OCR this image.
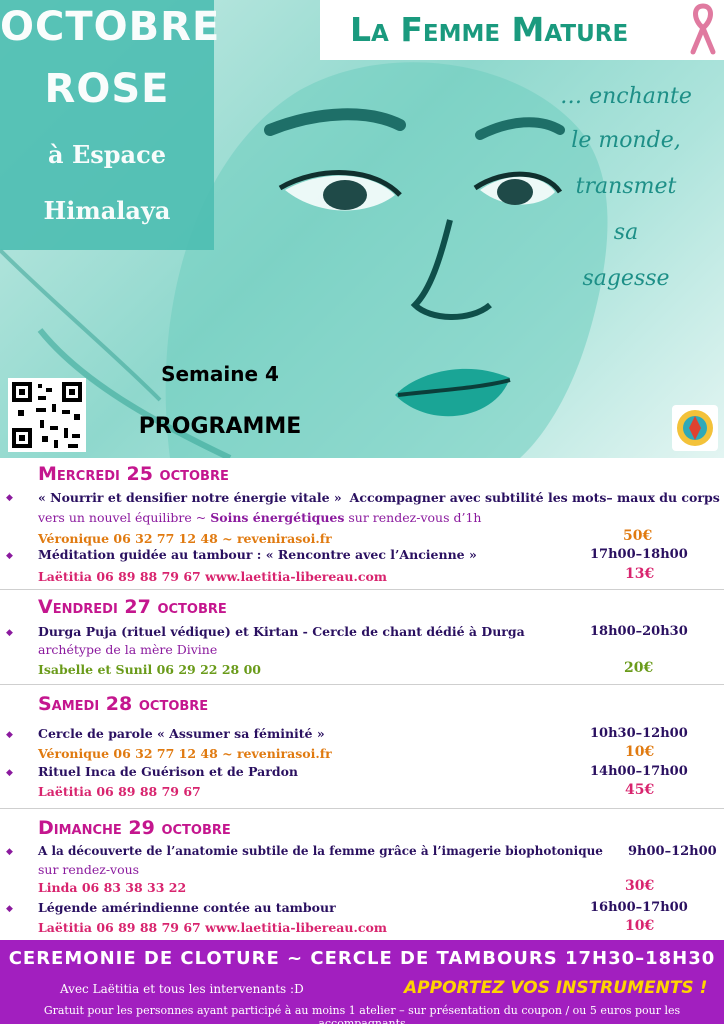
OCTOBRE
ROSE
à Espace
Himalaya
La Femme Mature
… enchante
le monde,
transmet
sa
sagesse
Semaine 4
PROGRAMME
Mercredi 25 octobre
◆ « Nourrir et densifier notre énergie vitale » Accompagner avec subtilité les mots– maux du corps
vers un nouvel équilibre ~ Soins énergétiques sur rendez-vous d’1h
Véronique 06 32 77 12 48 ~ revenirasoi.fr	50€
◆ Méditation guidée au tambour : « Rencontre avec l’Ancienne »	17h00–18h00
Laëtitia 06 89 88 79 67 www.laetitia-libereau.com	13€
Vendredi 27 octobre
◆ Durga Puja (rituel védique) et Kirtan - Cercle de chant dédié à Durga	18h00–20h30
archétype de la mère Divine
Isabelle et Sunil 06 29 22 28 00	20€
Samedi 28 octobre
◆ Cercle de parole « Assumer sa féminité »	10h30–12h00
Véronique 06 32 77 12 48 ~ revenirasoi.fr	10€
◆ Rituel Inca de Guérison et de Pardon	14h00–17h00
Laëtitia 06 89 88 79 67	45€
Dimanche 29 octobre
◆ A la découverte de l’anatomie subtile de la femme grâce à l’imagerie biophotonique 9h00–12h00
sur rendez-vous
Linda 06 83 38 33 22	30€
◆ Légende amérindienne contée au tambour	16h00–17h00
Laëtitia 06 89 88 79 67 www.laetitia-libereau.com	10€
CEREMONIE DE CLOTURE ~ CERCLE DE TAMBOURS 17H30–18H30
Avec Laëtitia et tous les intervenants :D	APPORTEZ VOS INSTRUMENTS !
Gratuit pour les personnes ayant participé à au moins 1 atelier – sur présentation du coupon / ou 5 euros pour les accompagnants
